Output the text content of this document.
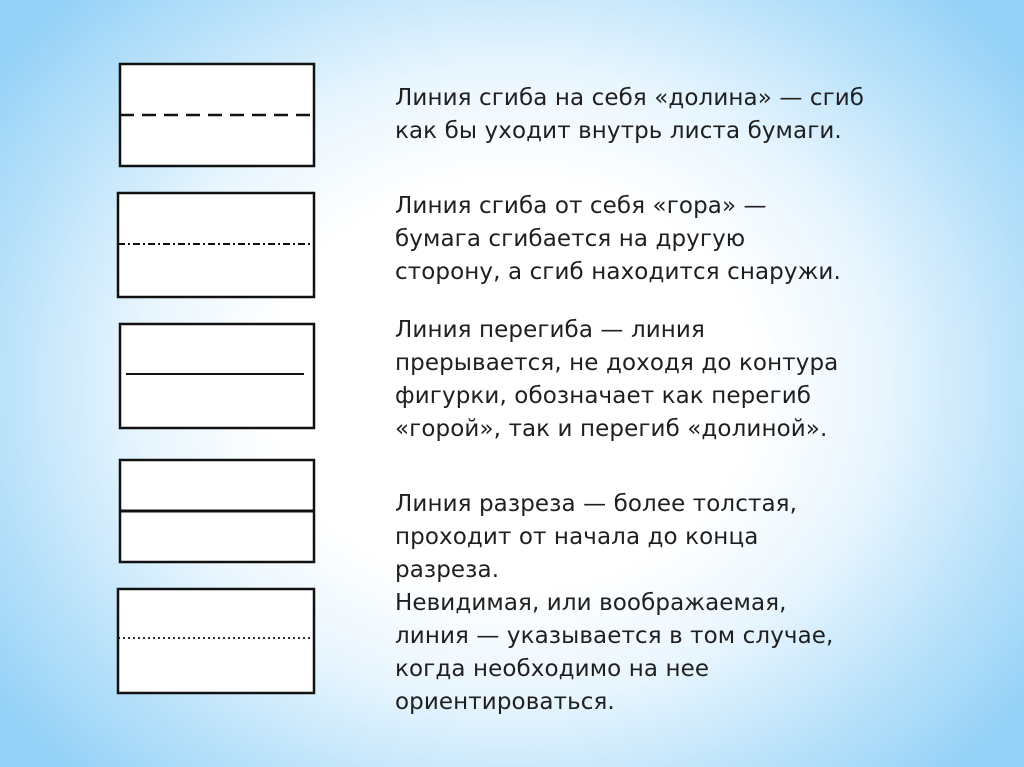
Линия сгиба на себя «долина» — сгиб
как бы уходит внутрь листа бумаги.

Линия сгиба от себя «гора» —
бумага сгибается на другую
сторону, а сгиб находится снаружи.

Линия перегиба — линия
прерывается, не доходя до контура
фигурки, обозначает как перегиб
«горой», так и перегиб «долиной».

Линия разреза — более толстая,
проходит от начала до конца
разреза.
Невидимая, или воображаемая,
линия — указывается в том случае,
когда необходимо на нее
ориентироваться.
